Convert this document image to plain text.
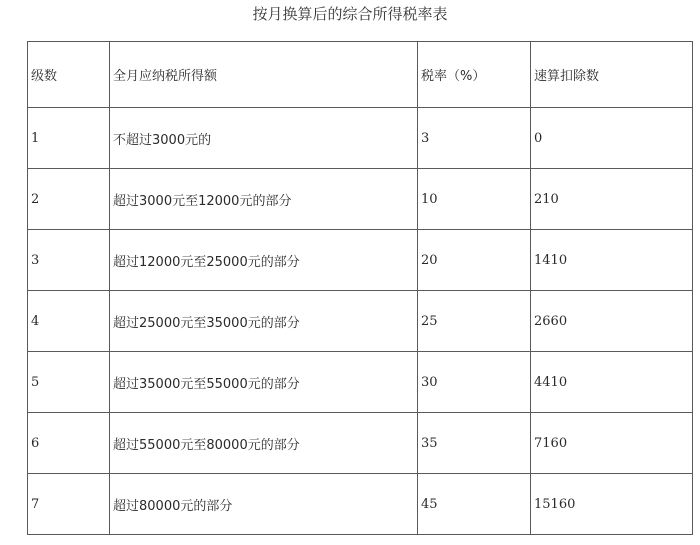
按月换算后的综合所得税率表
级数	全月应纳税所得额	税率（%）	速算扣除数
1	不超过3000元的	3	0
2	超过3000元至12000元的部分	10	210
3	超过12000元至25000元的部分	20	1410
4	超过25000元至35000元的部分	25	2660
5	超过35000元至55000元的部分	30	4410
6	超过55000元至80000元的部分	35	7160
7	超过80000元的部分	45	15160
